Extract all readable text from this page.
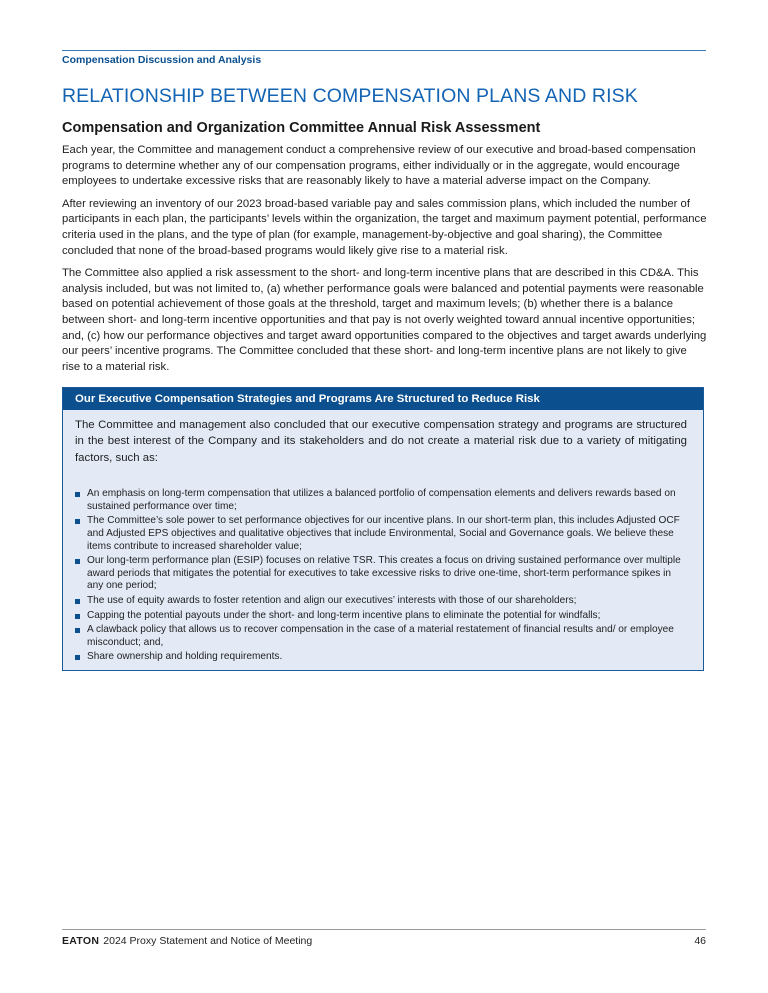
Compensation Discussion and Analysis
RELATIONSHIP BETWEEN COMPENSATION PLANS AND RISK
Compensation and Organization Committee Annual Risk Assessment

Each year, the Committee and management conduct a comprehensive review of our executive and broad-based compensation programs to determine whether any of our compensation programs, either individually or in the aggregate, would encourage employees to undertake excessive risks that are reasonably likely to have a material adverse impact on the Company.

After reviewing an inventory of our 2023 broad-based variable pay and sales commission plans, which included the number of participants in each plan, the participants’ levels within the organization, the target and maximum payment potential, performance criteria used in the plans, and the type of plan (for example, management-by-objective and goal sharing), the Committee concluded that none of the broad-based programs would likely give rise to a material risk.

The Committee also applied a risk assessment to the short- and long-term incentive plans that are described in this CD&A. This analysis included, but was not limited to, (a) whether performance goals were balanced and potential payments were reasonable based on potential achievement of those goals at the threshold, target and maximum levels; (b) whether there is a balance between short- and long-term incentive opportunities and that pay is not overly weighted toward annual incentive opportunities; and, (c) how our performance objectives and target award opportunities compared to the objectives and target awards underlying our peers’ incentive programs. The Committee concluded that these short- and long-term incentive plans are not likely to give rise to a material risk.

Our Executive Compensation Strategies and Programs Are Structured to Reduce Risk
The Committee and management also concluded that our executive compensation strategy and programs are structured in the best interest of the Company and its stakeholders and do not create a material risk due to a variety of mitigating factors, such as:
An emphasis on long-term compensation that utilizes a balanced portfolio of compensation elements and delivers rewards based on sustained performance over time;
The Committee’s sole power to set performance objectives for our incentive plans. In our short-term plan, this includes Adjusted OCF and Adjusted EPS objectives and qualitative objectives that include Environmental, Social and Governance goals. We believe these items contribute to increased shareholder value;
Our long-term performance plan (ESIP) focuses on relative TSR. This creates a focus on driving sustained performance over multiple award periods that mitigates the potential for executives to take excessive risks to drive one-time, short-term performance spikes in any one period;
The use of equity awards to foster retention and align our executives’ interests with those of our shareholders;
Capping the potential payouts under the short- and long-term incentive plans to eliminate the potential for windfalls;
A clawback policy that allows us to recover compensation in the case of a material restatement of financial results and/ or employee misconduct; and,
Share ownership and holding requirements.
EATON 2024 Proxy Statement and Notice of Meeting	46
